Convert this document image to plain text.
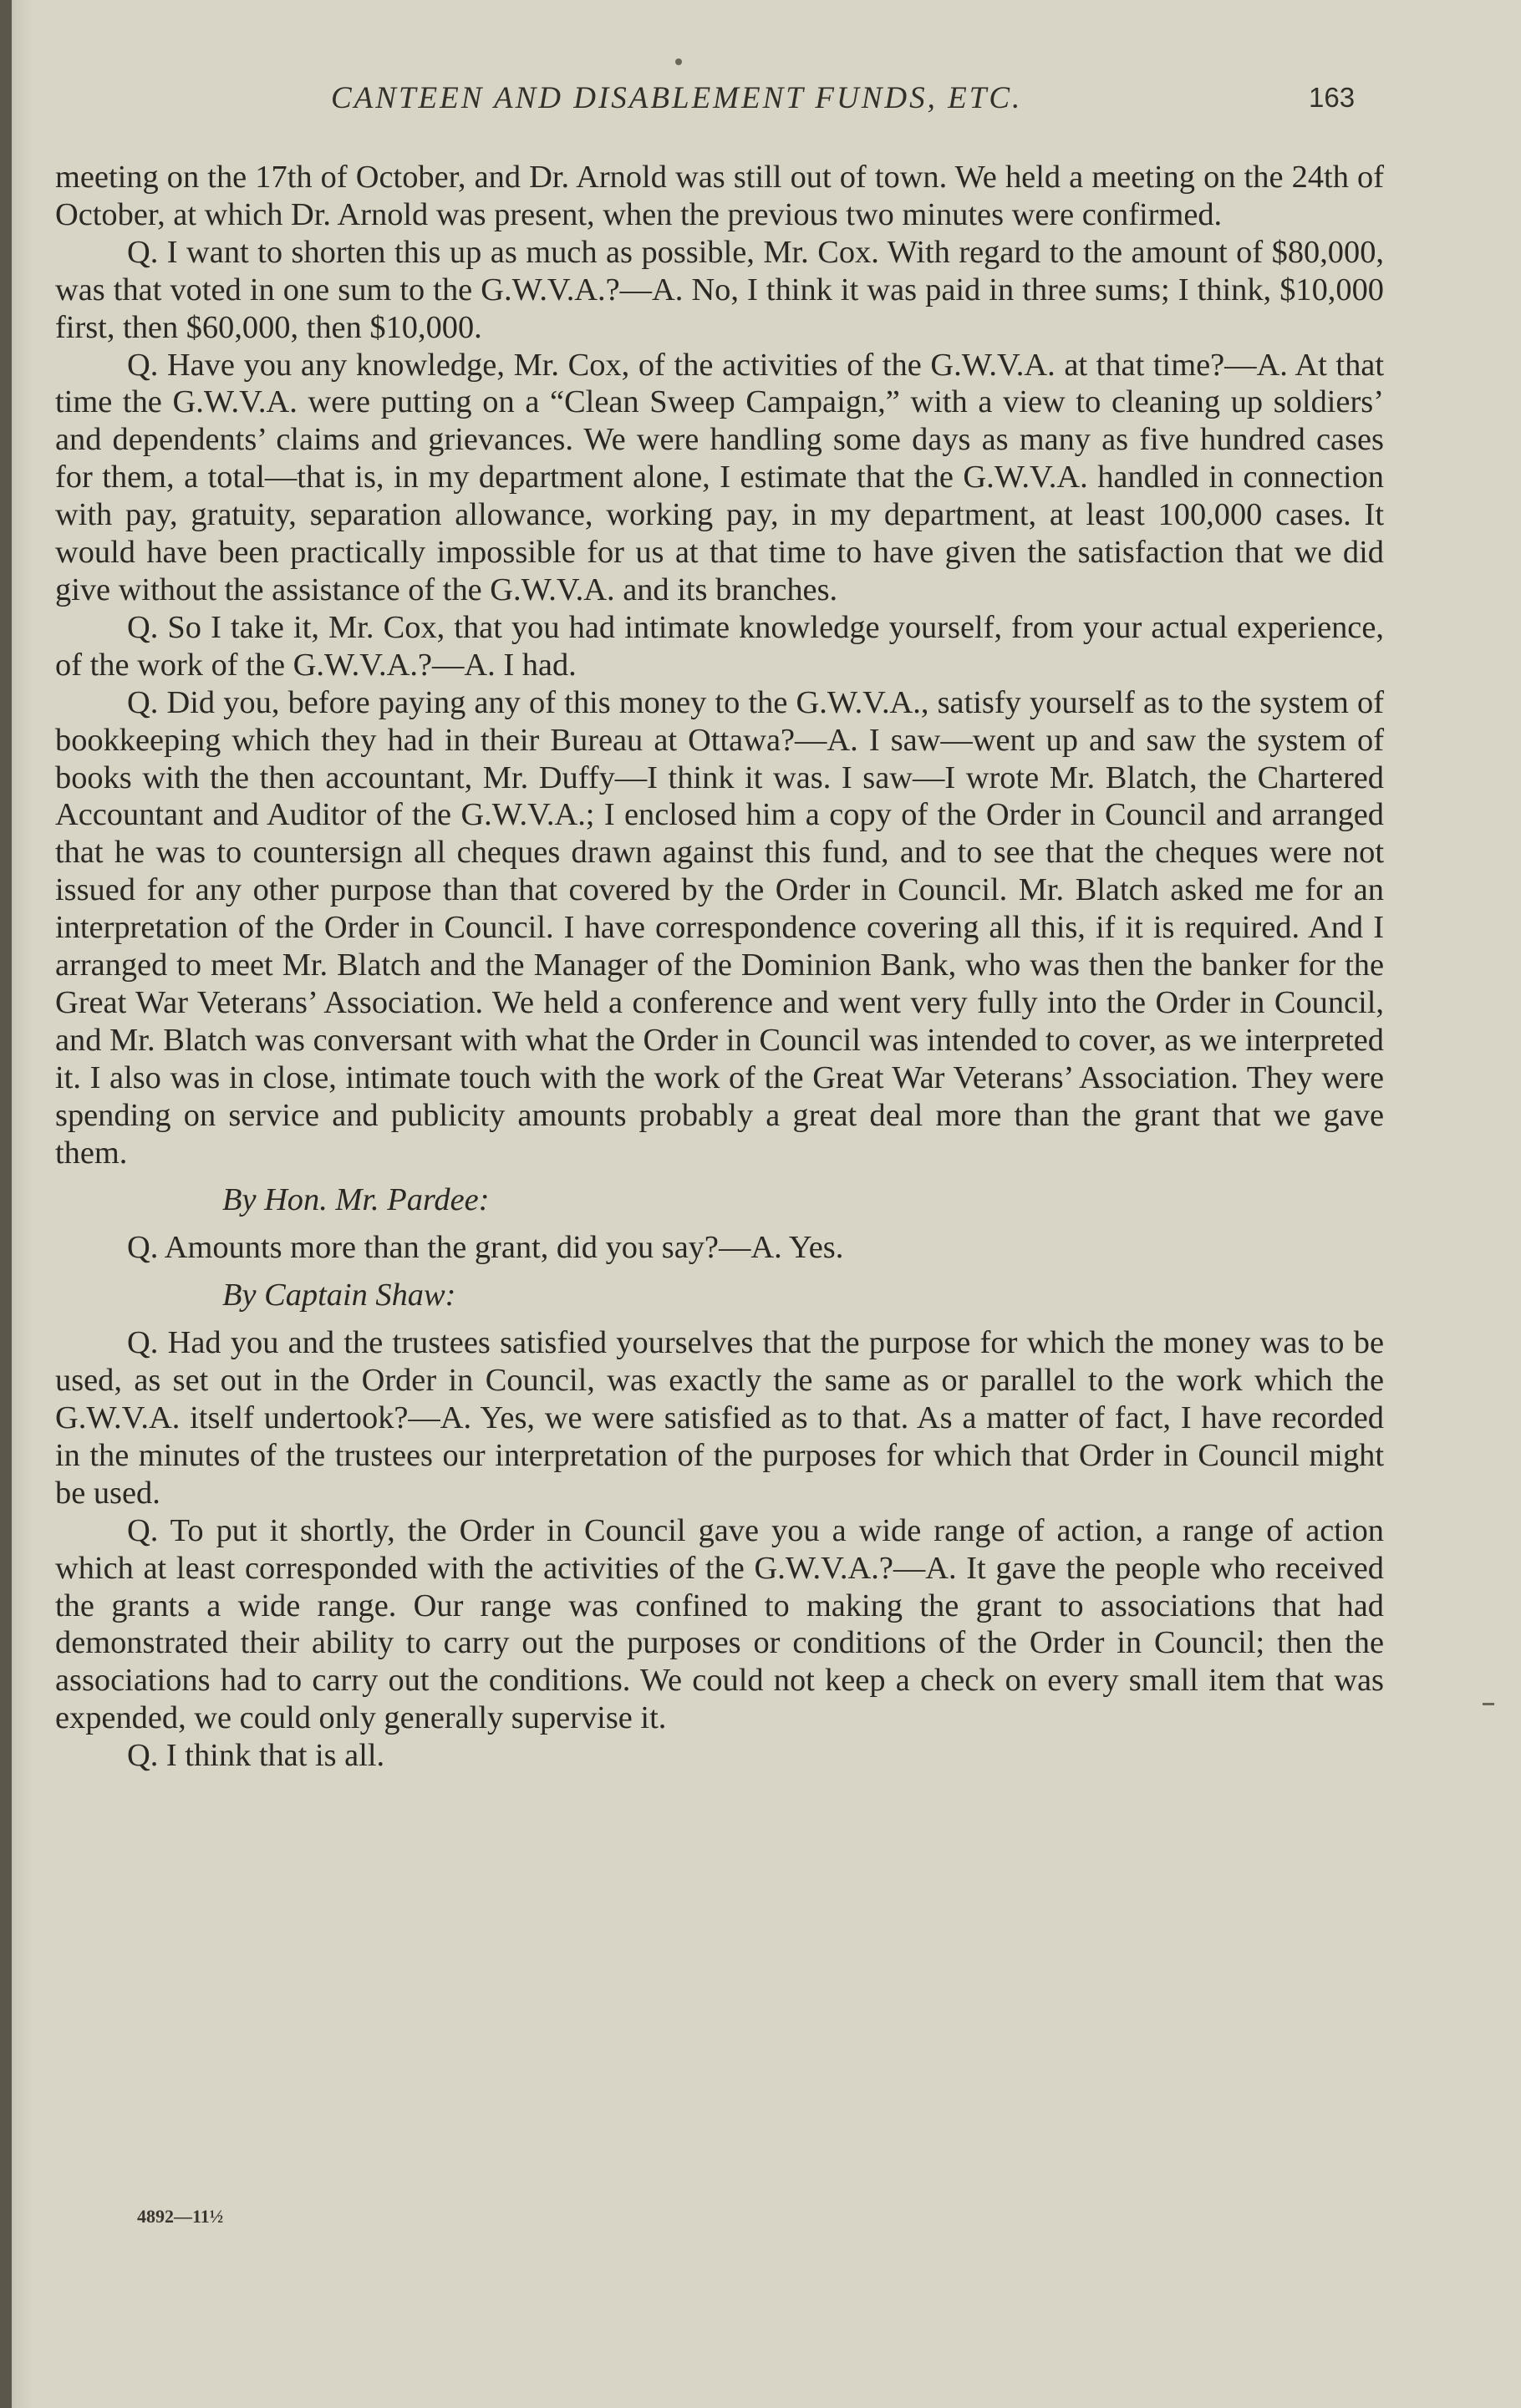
CANTEEN AND DISABLEMENT FUNDS, ETC.	163

meeting on the 17th of October, and Dr. Arnold was still out of town. We held a meeting on the 24th of October, at which Dr. Arnold was present, when the previous two minutes were confirmed.

Q. I want to shorten this up as much as possible, Mr. Cox. With regard to the amount of $80,000, was that voted in one sum to the G.W.V.A.?—A. No, I think it was paid in three sums; I think, $10,000 first, then $60,000, then $10,000.

Q. Have you any knowledge, Mr. Cox, of the activities of the G.W.V.A. at that time?—A. At that time the G.W.V.A. were putting on a “Clean Sweep Campaign,” with a view to cleaning up soldiers’ and dependents’ claims and grievances. We were handling some days as many as five hundred cases for them, a total—that is, in my department alone, I estimate that the G.W.V.A. handled in connection with pay, gratuity, separation allowance, working pay, in my department, at least 100,000 cases. It would have been practically impossible for us at that time to have given the satisfaction that we did give without the assistance of the G.W.V.A. and its branches.

Q. So I take it, Mr. Cox, that you had intimate knowledge yourself, from your actual experience, of the work of the G.W.V.A.?—A. I had.

Q. Did you, before paying any of this money to the G.W.V.A., satisfy yourself as to the system of bookkeeping which they had in their Bureau at Ottawa?—A. I saw—went up and saw the system of books with the then accountant, Mr. Duffy—I think it was. I saw—I wrote Mr. Blatch, the Chartered Accountant and Auditor of the G.W.V.A.; I enclosed him a copy of the Order in Council and arranged that he was to countersign all cheques drawn against this fund, and to see that the cheques were not issued for any other purpose than that covered by the Order in Council. Mr. Blatch asked me for an interpretation of the Order in Council. I have correspondence covering all this, if it is required. And I arranged to meet Mr. Blatch and the Manager of the Dominion Bank, who was then the banker for the Great War Veterans’ Association. We held a conference and went very fully into the Order in Council, and Mr. Blatch was conversant with what the Order in Council was intended to cover, as we interpreted it. I also was in close, intimate touch with the work of the Great War Veterans’ Association. They were spending on service and publicity amounts probably a great deal more than the grant that we gave them.

By Hon. Mr. Pardee:

Q. Amounts more than the grant, did you say?—A. Yes.

By Captain Shaw:

Q. Had you and the trustees satisfied yourselves that the purpose for which the money was to be used, as set out in the Order in Council, was exactly the same as or parallel to the work which the G.W.V.A. itself undertook?—A. Yes, we were satisfied as to that. As a matter of fact, I have recorded in the minutes of the trustees our interpretation of the purposes for which that Order in Council might be used.

Q. To put it shortly, the Order in Council gave you a wide range of action, a range of action which at least corresponded with the activities of the G.W.V.A.?—A. It gave the people who received the grants a wide range. Our range was confined to making the grant to associations that had demonstrated their ability to carry out the purposes or conditions of the Order in Council; then the associations had to carry out the conditions. We could not keep a check on every small item that was expended, we could only generally supervise it.

Q. I think that is all.

4892—11½
